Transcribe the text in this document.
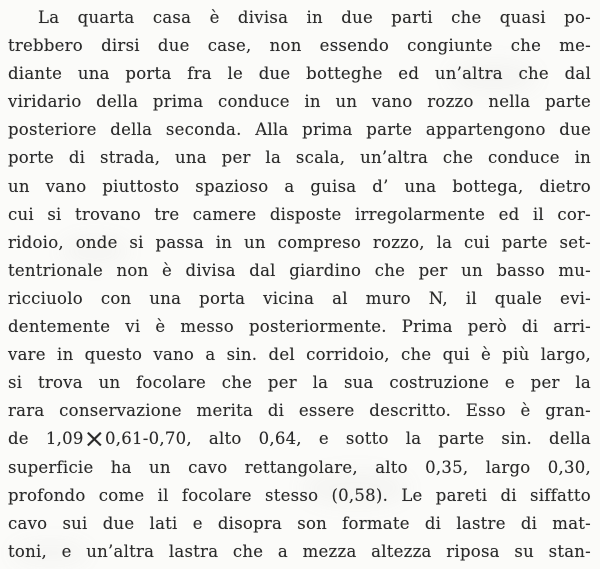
La quarta casa è divisa in due parti che quasi po-
trebbero dirsi due case, non essendo congiunte che me-
diante una porta fra le due botteghe ed un’altra che dal
viridario della prima conduce in un vano rozzo nella parte
posteriore della seconda. Alla prima parte appartengono due
porte di strada, una per la scala, un’altra che conduce in
un vano piuttosto spazioso a guisa d’ una bottega, dietro
cui si trovano tre camere disposte irregolarmente ed il cor-
ridoio, onde si passa in un compreso rozzo, la cui parte set-
tentrionale non è divisa dal giardino che per un basso mu-
ricciuolo con una porta vicina al muro N, il quale evi-
dentemente vi è messo posteriormente. Prima però di arri-
vare in questo vano a sin. del corridoio, che qui è più largo,
si trova un focolare che per la sua costruzione e per la
rara conservazione merita di essere descritto. Esso è gran-
de 1,09×0,61-0,70, alto 0,64, e sotto la parte sin. della
superficie ha un cavo rettangolare, alto 0,35, largo 0,30,
profondo come il focolare stesso (0,58). Le pareti di siffatto
cavo sui due lati e disopra son formate di lastre di mat-
toni, e un’altra lastra che a mezza altezza riposa su stan-
